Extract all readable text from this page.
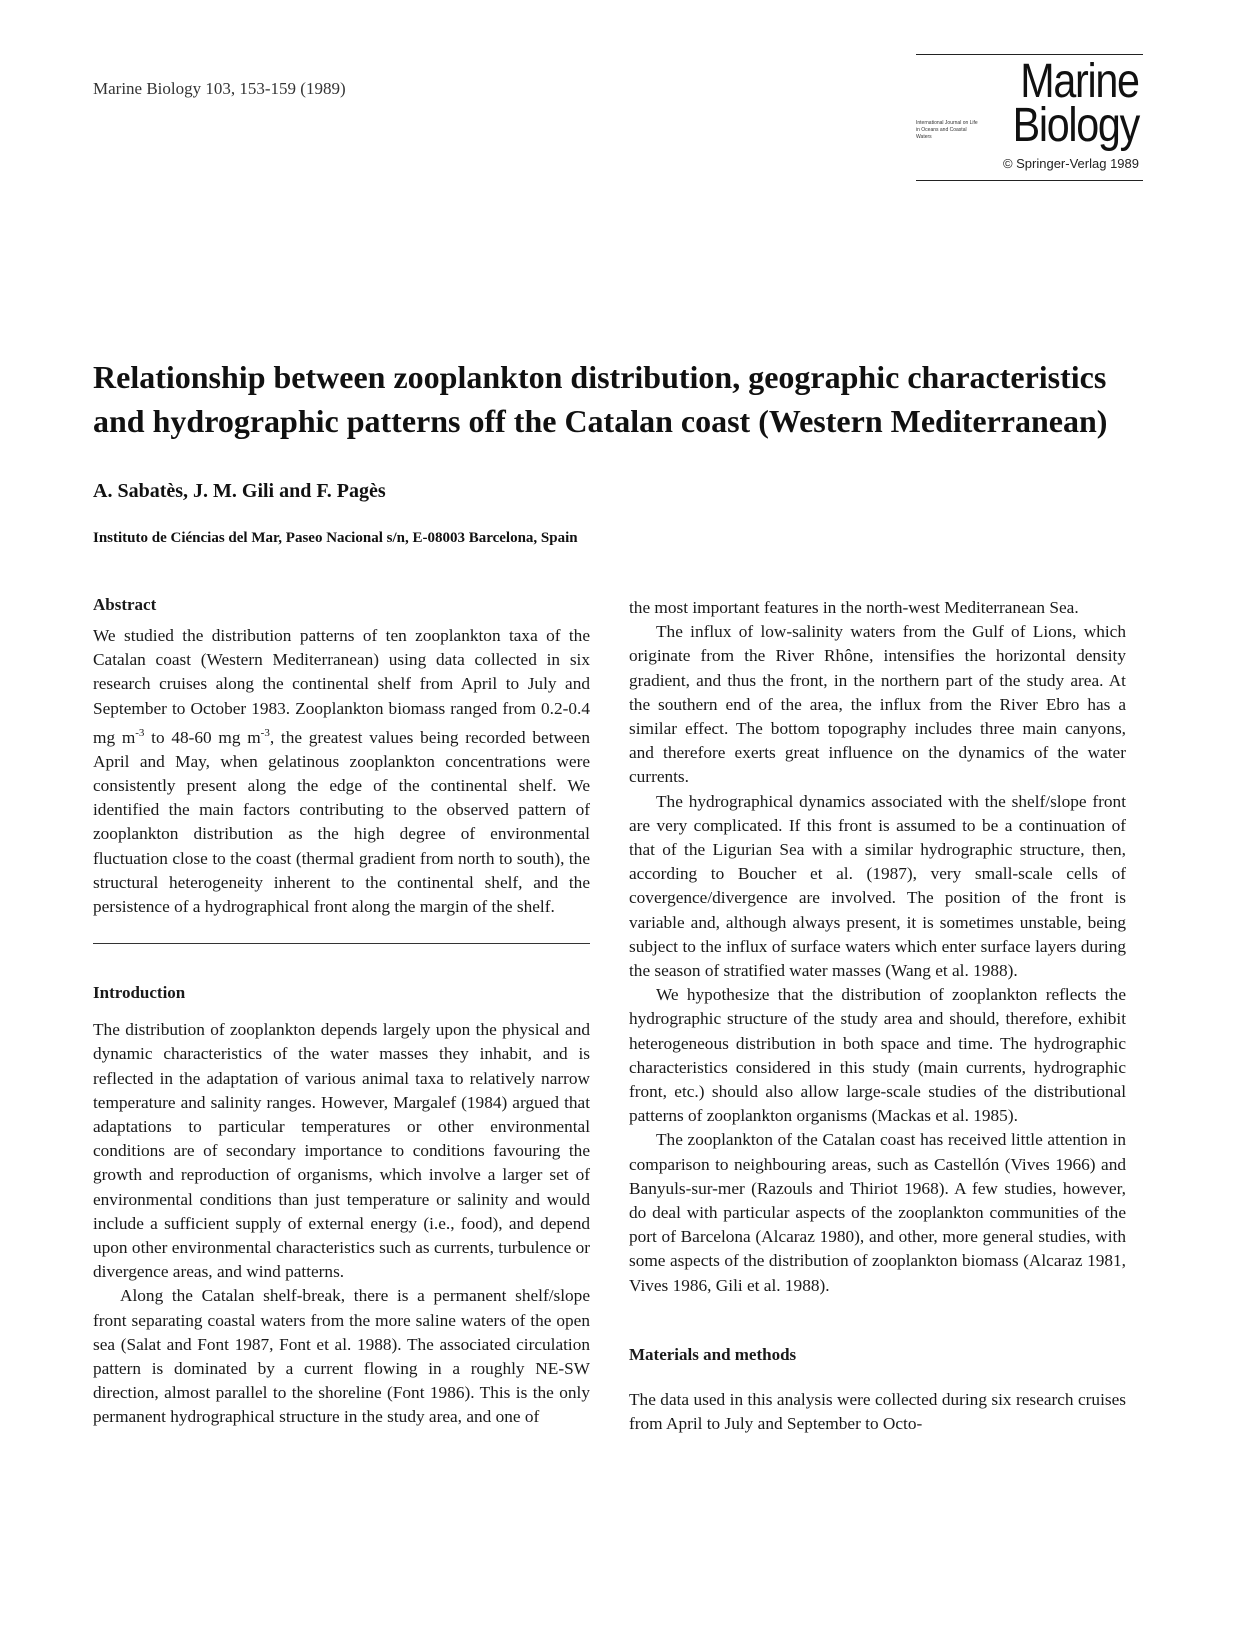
Marine Biology 103, 153-159 (1989)	Marine
International Journal on Life in Oceans and Coastal Waters	Biology
© Springer-Verlag 1989
Relationship between zooplankton distribution, geographic characteristics
and hydrographic patterns off the Catalan coast (Western Mediterranean)
A. Sabatès, J. M. Gili and F. Pagès
Instituto de Ciéncias del Mar, Paseo Nacional s/n, E-08003 Barcelona, Spain
Abstract

We studied the distribution patterns of ten zooplankton taxa of the Catalan coast (Western Mediterranean) using data collected in six research cruises along the continental shelf from April to July and September to October 1983. Zooplankton biomass ranged from 0.2-0.4 mg $m^{-3}$ to 48-60 mg $m^{-3}$, the greatest values being recorded between April and May, when gelatinous zooplankton concentrations were consistently present along the edge of the continental shelf. We identified the main factors contributing to the observed pattern of zooplankton distribution as the high degree of environmental fluctuation close to the coast (thermal gradient from north to south), the structural heterogeneity inherent to the continental shelf, and the persistence of a hydrographical front along the margin of the shelf.

Introduction

The distribution of zooplankton depends largely upon the physical and dynamic characteristics of the water masses they inhabit, and is reflected in the adaptation of various animal taxa to relatively narrow temperature and salinity ranges. However, Margalef (1984) argued that adaptations to particular temperatures or other environmental conditions are of secondary importance to conditions favouring the growth and reproduction of organisms, which involve a larger set of environmental conditions than just temperature or salinity and would include a sufficient supply of external energy (i.e., food), and depend upon other environmental characteristics such as currents, turbulence or divergence areas, and wind patterns.

Along the Catalan shelf-break, there is a permanent shelf/slope front separating coastal waters from the more saline waters of the open sea (Salat and Font 1987, Font et al. 1988). The associated circulation pattern is dominated by a current flowing in a roughly NE-SW direction, almost parallel to the shoreline (Font 1986). This is the only permanent hydrographical structure in the study area, and one of

the most important features in the north-west Mediterranean Sea.

The influx of low-salinity waters from the Gulf of Lions, which originate from the River Rhône, intensifies the horizontal density gradient, and thus the front, in the northern part of the study area. At the southern end of the area, the influx from the River Ebro has a similar effect. The bottom topography includes three main canyons, and therefore exerts great influence on the dynamics of the water currents.

The hydrographical dynamics associated with the shelf/slope front are very complicated. If this front is assumed to be a continuation of that of the Ligurian Sea with a similar hydrographic structure, then, according to Boucher et al. (1987), very small-scale cells of covergence/divergence are involved. The position of the front is variable and, although always present, it is sometimes unstable, being subject to the influx of surface waters which enter surface layers during the season of stratified water masses (Wang et al. 1988).

We hypothesize that the distribution of zooplankton reflects the hydrographic structure of the study area and should, therefore, exhibit heterogeneous distribution in both space and time. The hydrographic characteristics considered in this study (main currents, hydrographic front, etc.) should also allow large-scale studies of the distributional patterns of zooplankton organisms (Mackas et al. 1985).

The zooplankton of the Catalan coast has received little attention in comparison to neighbouring areas, such as Castellón (Vives 1966) and Banyuls-sur-mer (Razouls and Thiriot 1968). A few studies, however, do deal with particular aspects of the zooplankton communities of the port of Barcelona (Alcaraz 1980), and other, more general studies, with some aspects of the distribution of zooplankton biomass (Alcaraz 1981, Vives 1986, Gili et al. 1988).

Materials and methods

The data used in this analysis were collected during six research cruises from April to July and September to Octo-
